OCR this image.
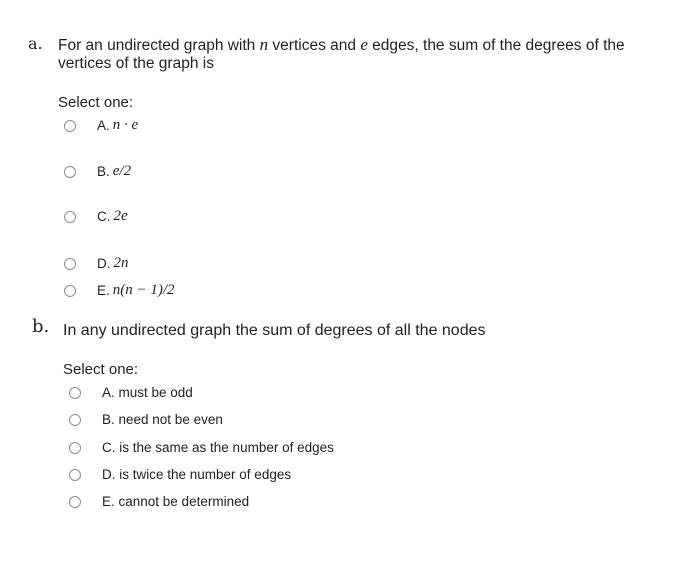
a. For an undirected graph with n vertices and e edges, the sum of the degrees of the
vertices of the graph is
Select one:
A. n · e
B. e/2
C. 2e
D. 2n
E. n(n − 1)/2
b. In any undirected graph the sum of degrees of all the nodes
Select one:
A. must be odd
B. need not be even
C. is the same as the number of edges
D. is twice the number of edges
E. cannot be determined
